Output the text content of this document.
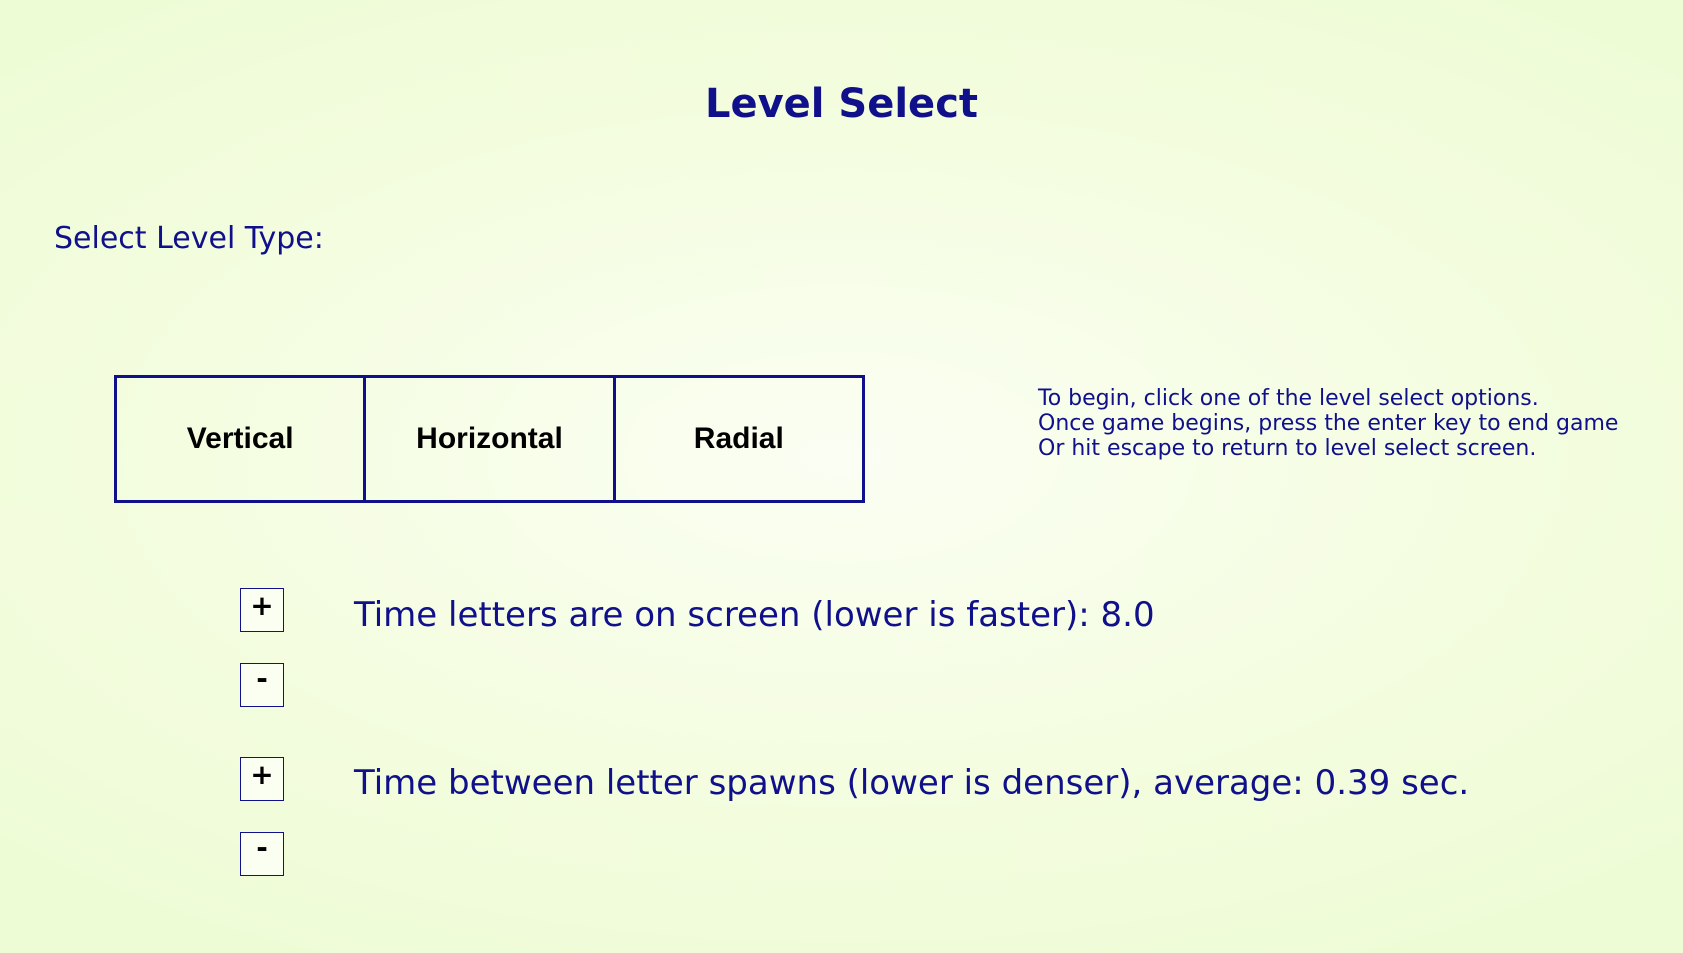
Level Select
Select Level Type:
Vertical	Horizontal	Radial
To begin, click one of the level select options.
Once game begins, press the enter key to end game
Or hit escape to return to level select screen.
+
-
Time letters are on screen (lower is faster): 8.0
+
-
Time between letter spawns (lower is denser), average: 0.39 sec.
